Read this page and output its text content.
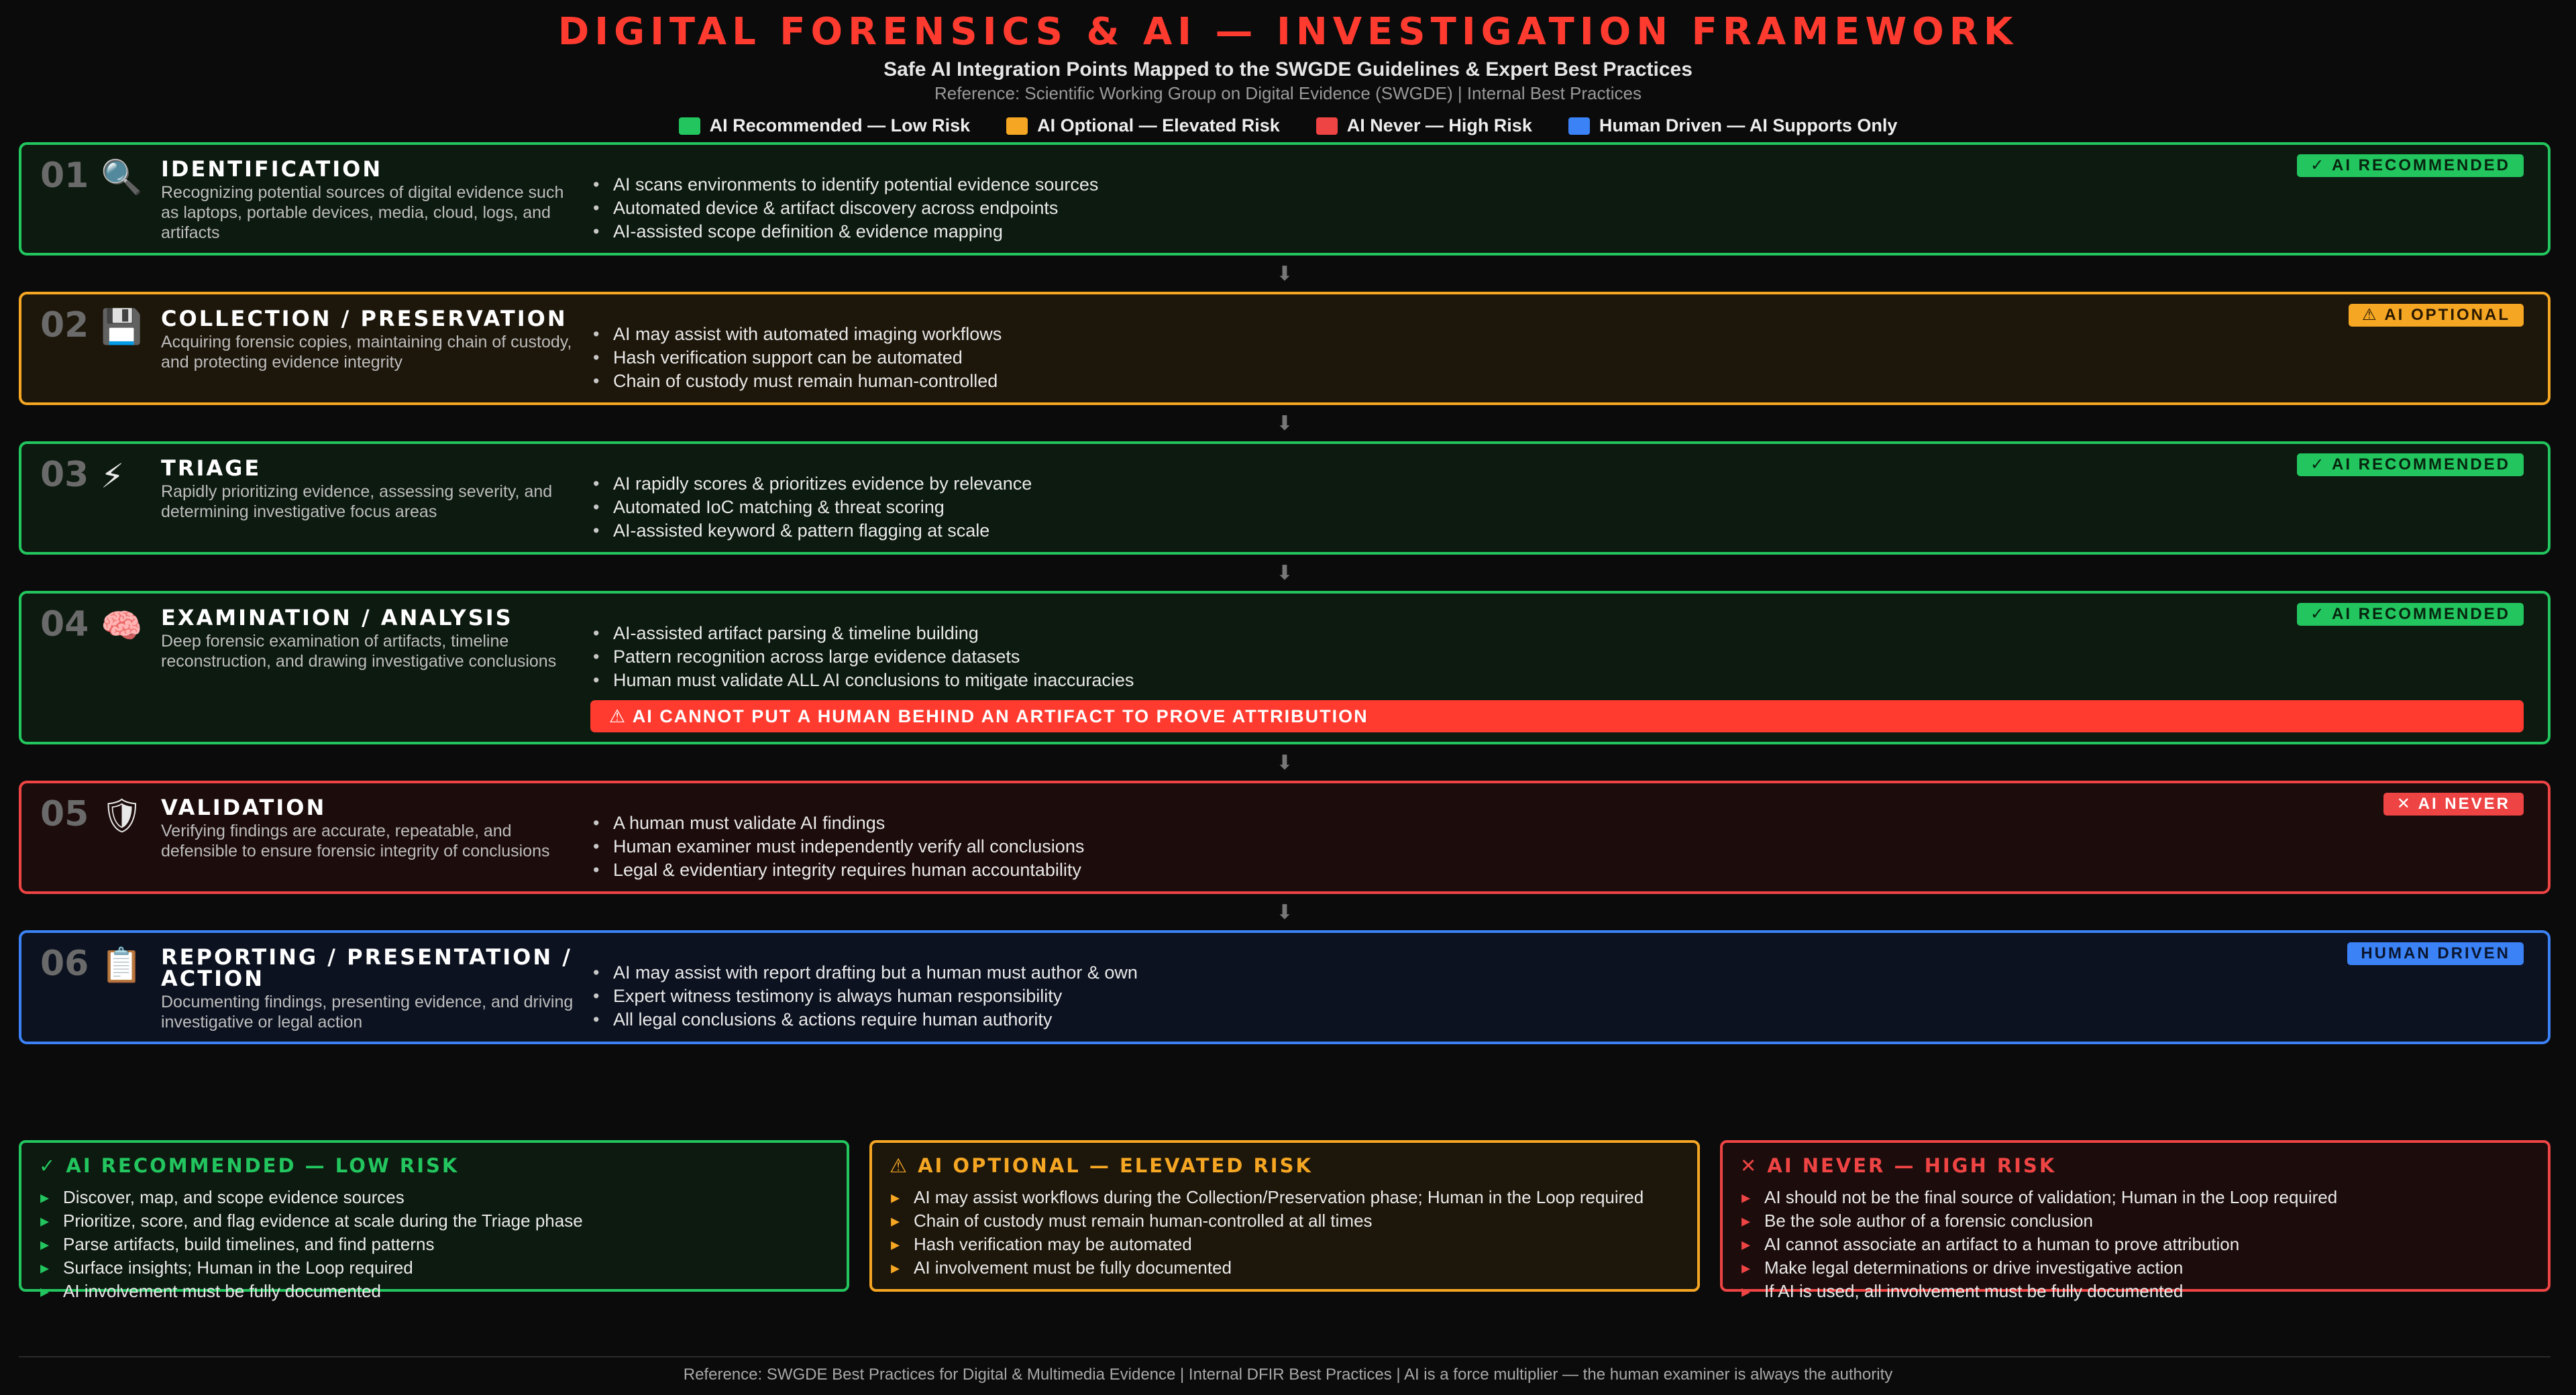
DIGITAL FORENSICS & AI — INVESTIGATION FRAMEWORK
Safe AI Integration Points Mapped to the SWGDE Guidelines & Expert Best Practices
Reference: Scientific Working Group on Digital Evidence (SWGDE) | Internal Best Practices
AI Recommended — Low Risk	AI Optional — Elevated Risk	AI Never — High Risk	Human Driven — AI Supports Only
01 🔍 IDENTIFICATION
Recognizing potential sources of digital evidence such as laptops, portable devices, media, cloud, logs, and artifacts
• AI scans environments to identify potential evidence sources
• Automated device & artifact discovery across endpoints
• AI-assisted scope definition & evidence mapping
✓ AI RECOMMENDED
⬇
02 💾 COLLECTION / PRESERVATION
Acquiring forensic copies, maintaining chain of custody, and protecting evidence integrity
• AI may assist with automated imaging workflows
• Hash verification support can be automated
• Chain of custody must remain human-controlled
⚠ AI OPTIONAL
⬇
03 ⚡	TRIAGE
Rapidly prioritizing evidence, assessing severity, and determining investigative focus areas
• AI rapidly scores & prioritizes evidence by relevance
• Automated IoC matching & threat scoring
• AI-assisted keyword & pattern flagging at scale
✓ AI RECOMMENDED
⬇
04 🧠 EXAMINATION / ANALYSIS
Deep forensic examination of artifacts, timeline reconstruction, and drawing investigative conclusions
• AI-assisted artifact parsing & timeline building
• Pattern recognition across large evidence datasets
• Human must validate ALL AI conclusions to mitigate inaccuracies
⚠ AI CANNOT PUT A HUMAN BEHIND AN ARTIFACT TO PROVE ATTRIBUTION
✓ AI RECOMMENDED
⬇
05 🛡 VALIDATION
Verifying findings are accurate, repeatable, and defensible to ensure forensic integrity of conclusions
• A human must validate AI findings
• Human examiner must independently verify all conclusions
• Legal & evidentiary integrity requires human accountability
✕ AI NEVER
⬇
06 📋 REPORTING / PRESENTATION / ACTION
Documenting findings, presenting evidence, and driving investigative or legal action
• AI may assist with report drafting but a human must author & own
• Expert witness testimony is always human responsibility
• All legal conclusions & actions require human authority
HUMAN DRIVEN
✓ AI RECOMMENDED — LOW RISK
▸ Discover, map, and scope evidence sources
▸ Prioritize, score, and flag evidence at scale during the Triage phase
▸ Parse artifacts, build timelines, and find patterns
▸ Surface insights; Human in the Loop required
▸ AI involvement must be fully documented
⚠ AI OPTIONAL — ELEVATED RISK
▸ AI may assist workflows during the Collection/Preservation phase; Human in the Loop required
▸ Chain of custody must remain human-controlled at all times
▸ Hash verification may be automated
▸ AI involvement must be fully documented
✕ AI NEVER — HIGH RISK
▸ AI should not be the final source of validation; Human in the Loop required
▸ Be the sole author of a forensic conclusion
▸ AI cannot associate an artifact to a human to prove attribution
▸ Make legal determinations or drive investigative action
▸ If AI is used, all involvement must be fully documented
Reference: SWGDE Best Practices for Digital & Multimedia Evidence | Internal DFIR Best Practices | AI is a force multiplier — the human examiner is always the authority
